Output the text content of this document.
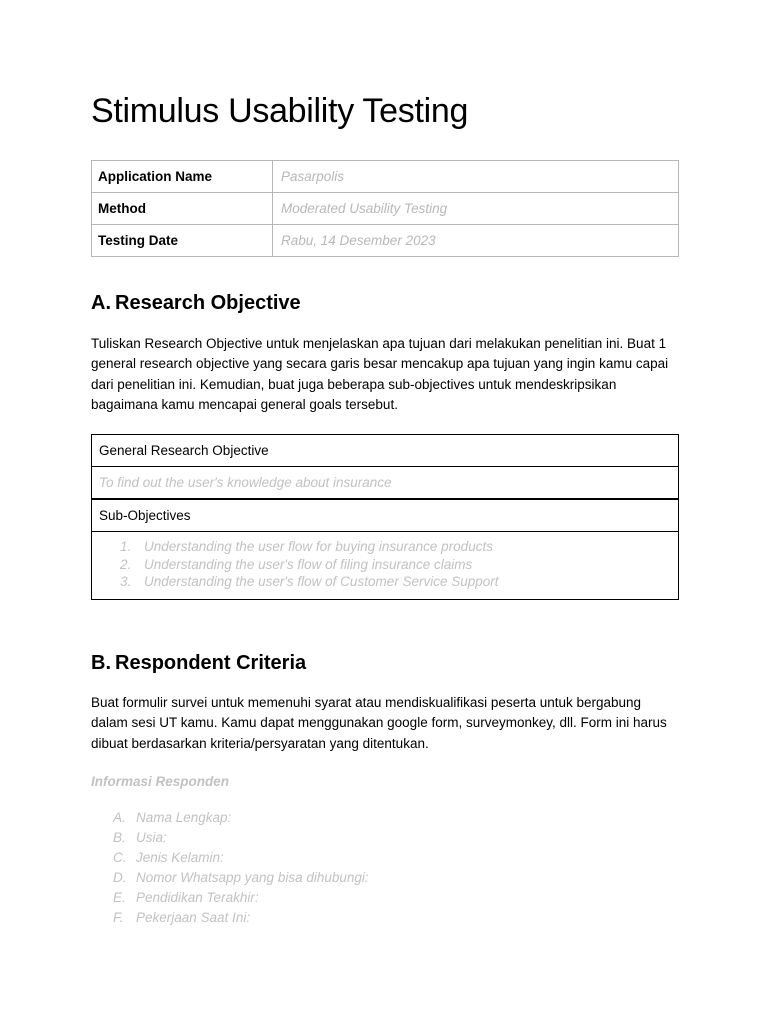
Stimulus Usability Testing
Application Name	Pasarpolis
Method	Moderated Usability Testing
Testing Date	Rabu, 14 Desember 2023
A. Research Objective

Tuliskan Research Objective untuk menjelaskan apa tujuan dari melakukan penelitian ini. Buat 1 general research objective yang secara garis besar mencakup apa tujuan yang ingin kamu capai dari penelitian ini. Kemudian, buat juga beberapa sub-objectives untuk mendeskripsikan bagaimana kamu mencapai general goals tersebut.

General Research Objective
To find out the user's knowledge about insurance
Sub-Objectives
1. Understanding the user flow for buying insurance products
2. Understanding the user's flow of filing insurance claims
3. Understanding the user's flow of Customer Service Support
B. Respondent Criteria

Buat formulir survei untuk memenuhi syarat atau mendiskualifikasi peserta untuk bergabung dalam sesi UT kamu. Kamu dapat menggunakan google form, surveymonkey, dll. Form ini harus dibuat berdasarkan kriteria/persyaratan yang ditentukan.

Informasi Responden

A. Nama Lengkap:
B. Usia:
C. Jenis Kelamin:
D. Nomor Whatsapp yang bisa dihubungi:
E. Pendidikan Terakhir:
F. Pekerjaan Saat Ini:
